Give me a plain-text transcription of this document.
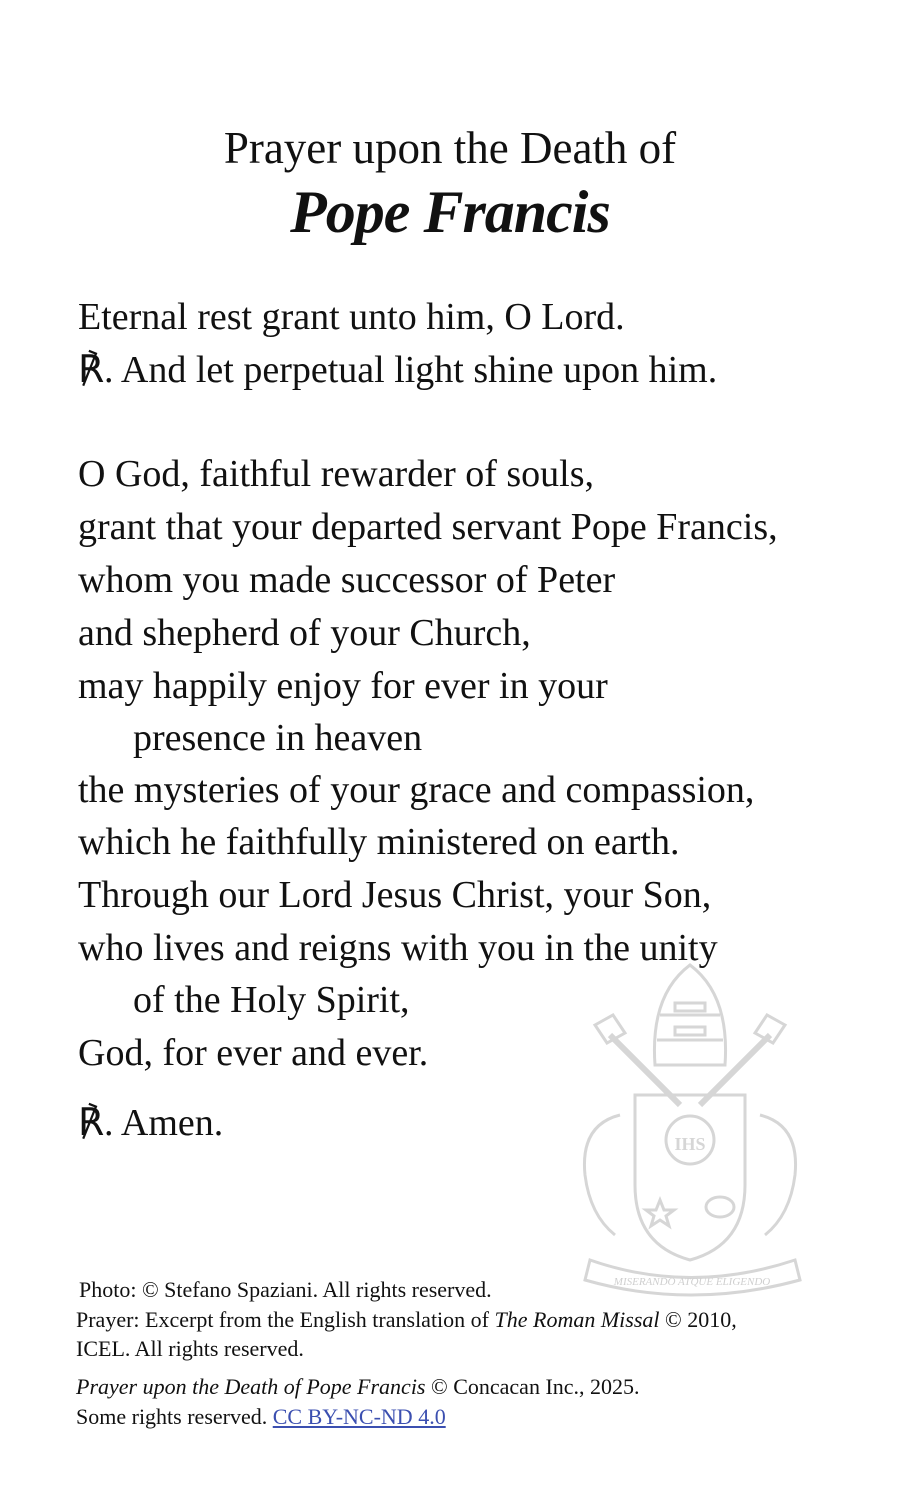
Prayer upon the Death of
Pope Francis
IHS
MISERANDO ATQUE ELIGENDO
Eternal rest grant unto him, O Lord.
℟. And let perpetual light shine upon him.
O God, faithful rewarder of souls,
grant that your departed servant Pope Francis,
whom you made successor of Peter
and shepherd of your Church,
may happily enjoy for ever in your
presence in heaven
the mysteries of your grace and compassion,
which he faithfully ministered on earth.
Through our Lord Jesus Christ, your Son,
who lives and reigns with you in the unity
of the Holy Spirit,
God, for ever and ever.
℟. Amen.
Photo: © Stefano Spaziani. All rights reserved.
Prayer: Excerpt from the English translation of The Roman Missal © 2010,
ICEL. All rights reserved.
Prayer upon the Death of Pope Francis © Concacan Inc., 2025.
Some rights reserved. CC BY-NC-ND 4.0
